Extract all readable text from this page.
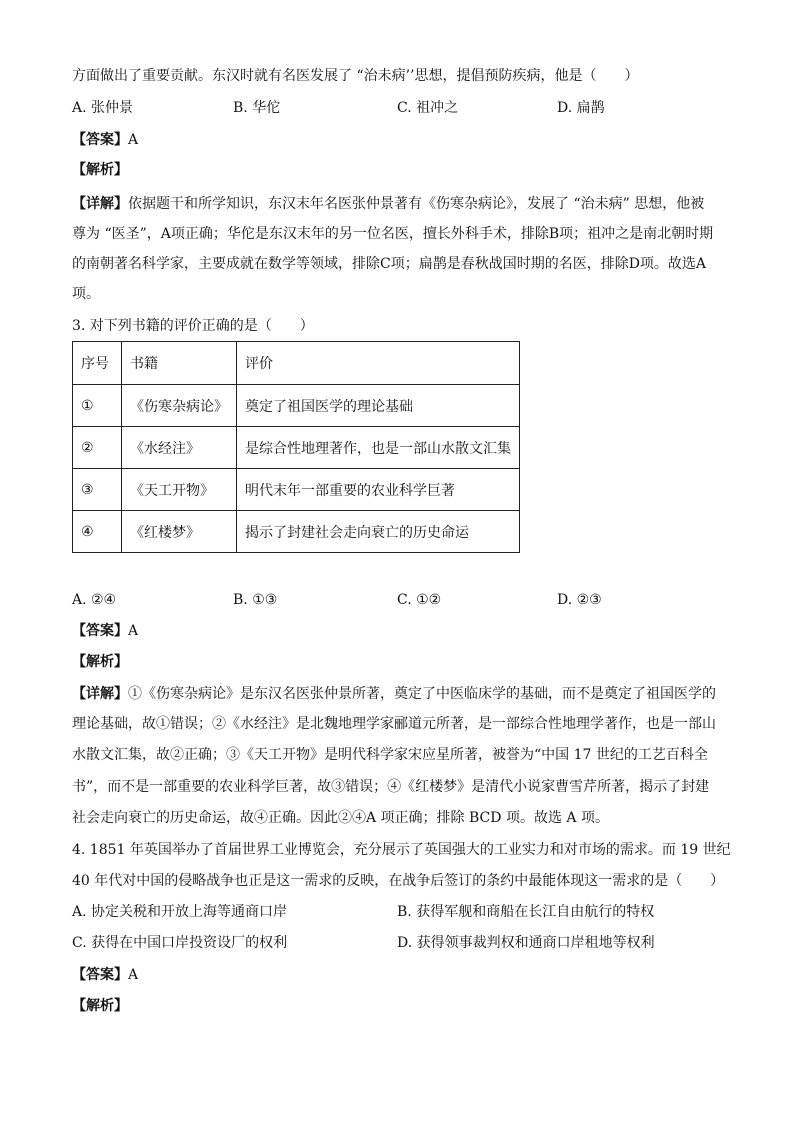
方面做出了重要贡献。东汉时就有名医发展了 “治未病’’思想，提倡预防疾病，他是（　　）
A. 张仲景	B. 华佗	C. 祖冲之	D. 扁鹊
【答案】A
【解析】
【详解】依据题干和所学知识，东汉末年名医张仲景著有《伤寒杂病论》，发展了 “治未病” 思想，他被
尊为 “医圣”，A项正确；华佗是东汉末年的另一位名医，擅长外科手术，排除B项；祖冲之是南北朝时期
的南朝著名科学家，主要成就在数学等领域，排除C项；扁鹊是春秋战国时期的名医，排除D项。故选A
项。
3. 对下列书籍的评价正确的是（　　）
序号	书籍	评价
①	《伤寒杂病论》	奠定了祖国医学的理论基础
②	《水经注》	是综合性地理著作，也是一部山水散文汇集
③	《天工开物》	明代末年一部重要的农业科学巨著
④	《红楼梦》	揭示了封建社会走向衰亡的历史命运
A. ②④	B. ①③	C. ①②	D. ②③
【答案】A
【解析】
【详解】①《伤寒杂病论》是东汉名医张仲景所著，奠定了中医临床学的基础，而不是奠定了祖国医学的
理论基础，故①错误；②《水经注》是北魏地理学家郦道元所著，是一部综合性地理学著作，也是一部山
水散文汇集，故②正确；③《天工开物》是明代科学家宋应星所著，被誉为“中国 17 世纪的工艺百科全
书”，而不是一部重要的农业科学巨著，故③错误；④《红楼梦》是清代小说家曹雪芹所著，揭示了封建
社会走向衰亡的历史命运，故④正确。因此②④A 项正确；排除 BCD 项。故选 A 项。
4. 1851 年英国举办了首届世界工业博览会，充分展示了英国强大的工业实力和对市场的需求。而 19 世纪
40 年代对中国的侵略战争也正是这一需求的反映，在战争后签订的条约中最能体现这一需求的是（　　）
A. 协定关税和开放上海等通商口岸	B. 获得军舰和商船在长江自由航行的特权
C. 获得在中国口岸投资设厂的权利	D. 获得领事裁判权和通商口岸租地等权利
【答案】A
【解析】
